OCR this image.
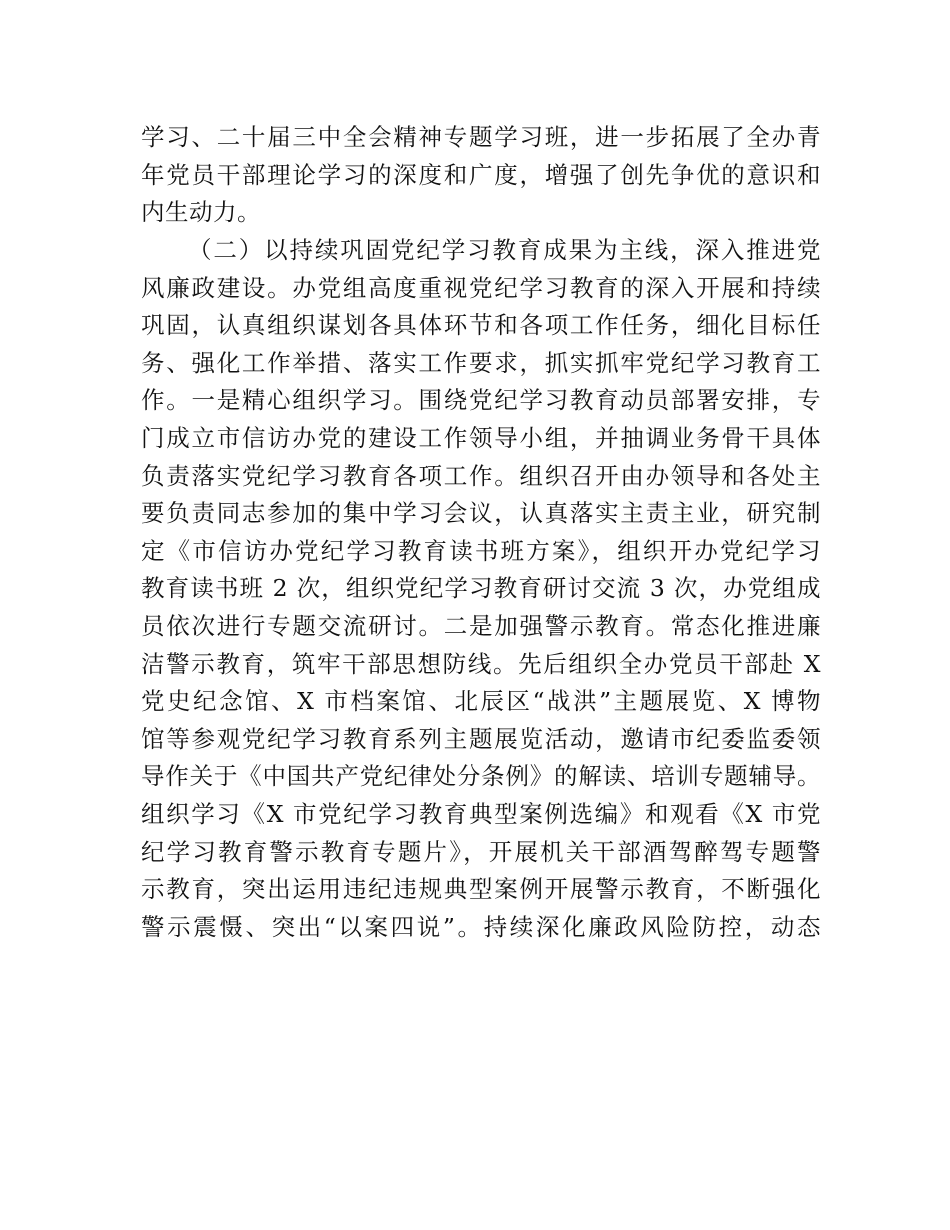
学习、二十届三中全会精神专题学习班，进一步拓展了全办青
年党员干部理论学习的深度和广度，增强了创先争优的意识和
内生动力。
（二）以持续巩固党纪学习教育成果为主线，深入推进党
风廉政建设。办党组高度重视党纪学习教育的深入开展和持续
巩固，认真组织谋划各具体环节和各项工作任务，细化目标任
务、强化工作举措、落实工作要求，抓实抓牢党纪学习教育工
作。一是精心组织学习。围绕党纪学习教育动员部署安排，专
门成立市信访办党的建设工作领导小组，并抽调业务骨干具体
负责落实党纪学习教育各项工作。组织召开由办领导和各处主
要负责同志参加的集中学习会议，认真落实主责主业，研究制
定《市信访办党纪学习教育读书班方案》，组织开办党纪学习
教育读书班 2 次，组织党纪学习教育研讨交流 3 次，办党组成
员依次进行专题交流研讨。二是加强警示教育。常态化推进廉
洁警示教育，筑牢干部思想防线。先后组织全办党员干部赴 X
党史纪念馆、X 市档案馆、北辰区“战洪”主题展览、X 博物
馆等参观党纪学习教育系列主题展览活动，邀请市纪委监委领
导作关于《中国共产党纪律处分条例》的解读、培训专题辅导。
组织学习《X 市党纪学习教育典型案例选编》和观看《X 市党
纪学习教育警示教育专题片》，开展机关干部酒驾醉驾专题警
示教育，突出运用违纪违规典型案例开展警示教育，不断强化
警示震慑、突出“以案四说”。持续深化廉政风险防控，动态
